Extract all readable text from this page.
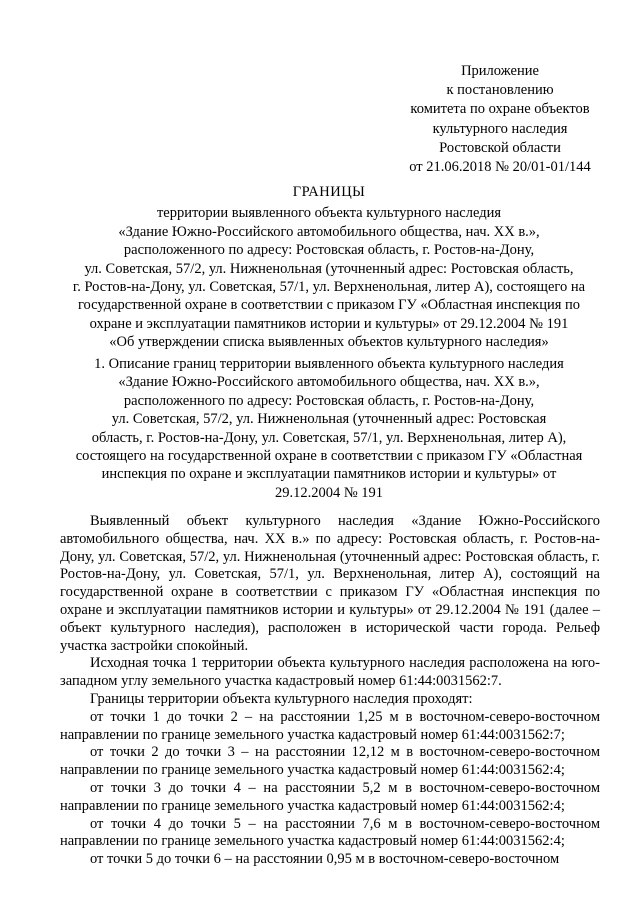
Приложение
к постановлению
комитета по охране объектов
культурного наследия
Ростовской области
от 21.06.2018 № 20/01-01/144
ГРАНИЦЫ
территории выявленного объекта культурного наследия
«Здание Южно-Российского автомобильного общества, нач. XX в.»,
расположенного по адресу: Ростовская область, г. Ростов-на-Дону,
ул. Советская, 57/2, ул. Нижненольная (уточненный адрес: Ростовская область,
г. Ростов-на-Дону, ул. Советская, 57/1, ул. Верхненольная, литер А), состоящего на
государственной охране в соответствии с приказом ГУ «Областная инспекция по
охране и эксплуатации памятников истории и культуры» от 29.12.2004 № 191
«Об утверждении списка выявленных объектов культурного наследия»
1. Описание границ территории выявленного объекта культурного наследия
«Здание Южно-Российского автомобильного общества, нач. XX в.»,
расположенного по адресу: Ростовская область, г. Ростов-на-Дону,
ул. Советская, 57/2, ул. Нижненольная (уточненный адрес: Ростовская
область, г. Ростов-на-Дону, ул. Советская, 57/1, ул. Верхненольная, литер А),
состоящего на государственной охране в соответствии с приказом ГУ «Областная
инспекция по охране и эксплуатации памятников истории и культуры» от
29.12.2004 № 191

Выявленный объект культурного наследия «Здание Южно-Российского автомобильного общества, нач. XX в.» по адресу: Ростовская область, г. Ростов-на-Дону, ул. Советская, 57/2, ул. Нижненольная (уточненный адрес: Ростовская область, г. Ростов-на-Дону, ул. Советская, 57/1, ул. Верхненольная, литер А), состоящий на государственной охране в соответствии с приказом ГУ «Областная инспекция по охране и эксплуатации памятников истории и культуры» от 29.12.2004 № 191 (далее – объект культурного наследия), расположен в исторической части города. Рельеф участка застройки спокойный.

Исходная точка 1 территории объекта культурного наследия расположена на юго-западном углу земельного участка кадастровый номер 61:44:0031562:7.

Границы территории объекта культурного наследия проходят:

от точки 1 до точки 2 – на расстоянии 1,25 м в восточном-северо-восточном направлении по границе земельного участка кадастровый номер 61:44:0031562:7;

от точки 2 до точки 3 – на расстоянии 12,12 м в восточном-северо-восточном направлении по границе земельного участка кадастровый номер 61:44:0031562:4;

от точки 3 до точки 4 – на расстоянии 5,2 м в восточном-северо-восточном направлении по границе земельного участка кадастровый номер 61:44:0031562:4;

от точки 4 до точки 5 – на расстоянии 7,6 м в восточном-северо-восточном направлении по границе земельного участка кадастровый номер 61:44:0031562:4;

от точки 5 до точки 6 – на расстоянии 0,95 м в восточном-северо-восточном
